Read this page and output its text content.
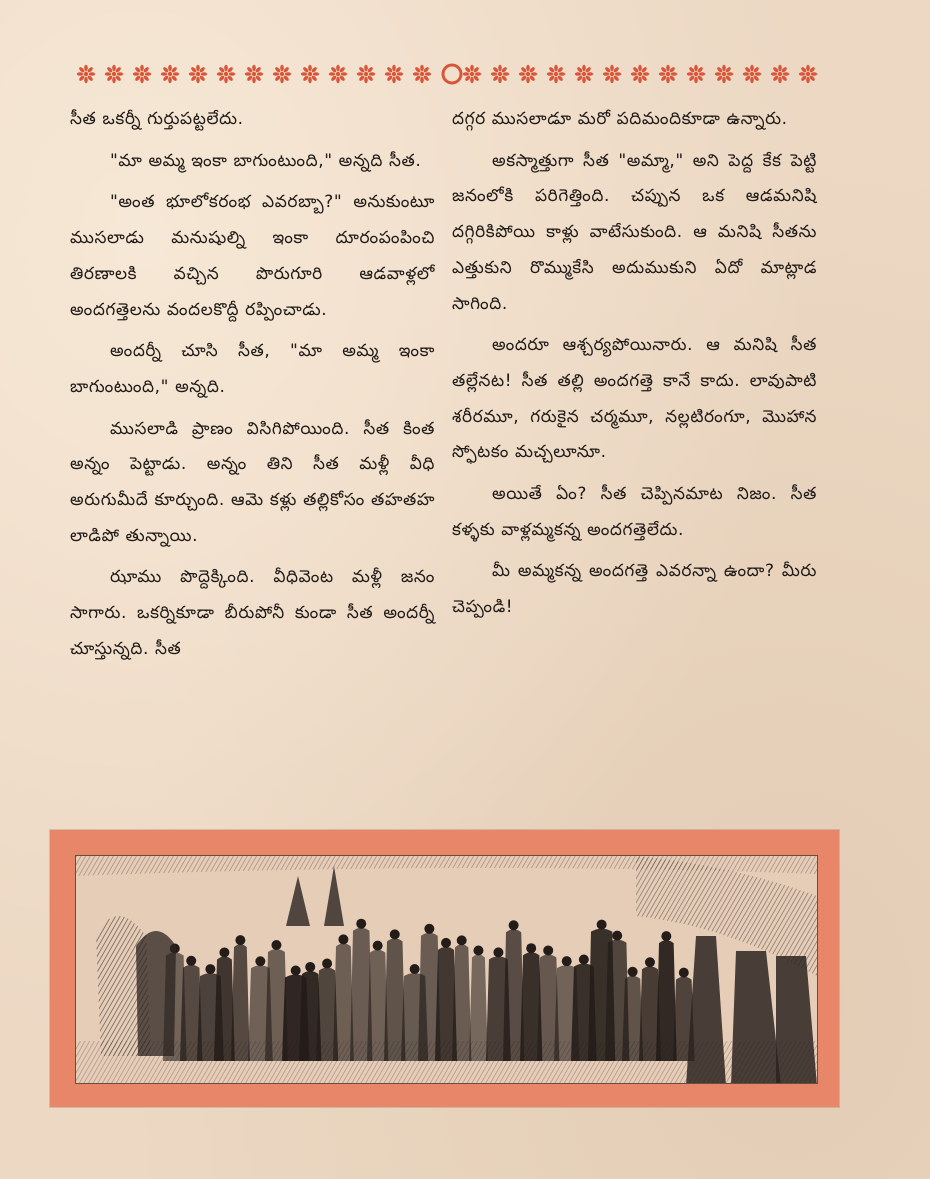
సీత ఒకర్నీ గుర్తుపట్టలేదు.

"మా అమ్మ ఇంకా బాగుంటుంది," అన్నది సీత.

"అంత భూలోకరంభ ఎవరబ్బా?" అనుకుంటూ ముసలాడు మనుషుల్ని ఇంకా దూరంపంపించి తిరణాలకి వచ్చిన పొరుగూరి ఆడవాళ్లలో అందగత్తెలను వందలకొద్దీ రప్పించాడు.

అందర్నీ చూసి సీత, "మా అమ్మ ఇంకా బాగుంటుంది," అన్నది.

ముసలాడి ప్రాణం విసిగిపోయింది. సీత కింత అన్నం పెట్టాడు. అన్నం తిని సీత మళ్లీ వీధి అరుగుమీదే కూర్చుంది. ఆమె కళ్లు తల్లికోసం తహతహ లాడిపో తున్నాయి.

ఝాము పొద్దెక్కింది. వీధివెంట మళ్లీ జనం సాగారు. ఒకర్నికూడా బీరుపోనీ కుండా సీత అందర్నీ చూస్తున్నది. సీత

దగ్గర ముసలాడూ మరో పదిమందికూడా ఉన్నారు.

అకస్మాత్తుగా సీత "అమ్మా," అని పెద్ద కేక పెట్టి జనంలోకి పరిగెత్తింది. చప్పున ఒక ఆడమనిషి దగ్గిరికిపోయి కాళ్లు వాటేసుకుంది. ఆ మనిషి సీతను ఎత్తుకుని రొమ్ముకేసి అదుముకుని ఏదో మాట్లాడ సాగింది.

అందరూ ఆశ్చర్యపోయినారు. ఆ మనిషి సీత తల్లేనట! సీత తల్లి అందగత్తె కానే కాదు. లావుపాటి శరీరమూ, గరుకైన చర్మమూ, నల్లటిరంగూ, మొహాన స్ఫోటకం మచ్చలూనూ.

అయితే ఏం? సీత చెప్పినమాట నిజం. సీత కళ్ళకు వాళ్లమ్మకన్న అందగత్తెలేదు.

మీ అమ్మకన్న అందగత్తె ఎవరన్నా ఉందా? మీరు చెప్పండి!
